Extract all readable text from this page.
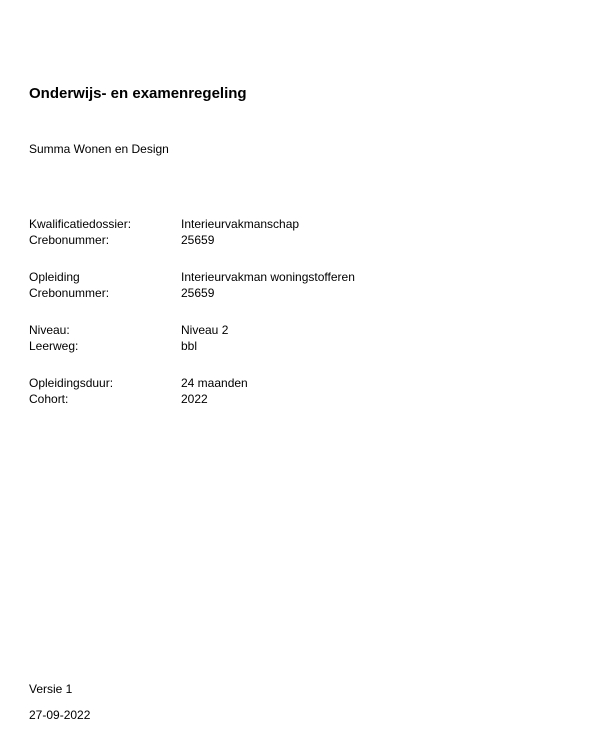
Onderwijs- en examenregeling
Summa Wonen en Design
Kwalificatiedossier:	Interieurvakmanschap
Crebonummer:	25659
Opleiding	Interieurvakman woningstofferen
Crebonummer:	25659
Niveau:	Niveau 2
Leerweg:	bbl
Opleidingsduur:	24 maanden
Cohort:	2022
Versie 1
27-09-2022
